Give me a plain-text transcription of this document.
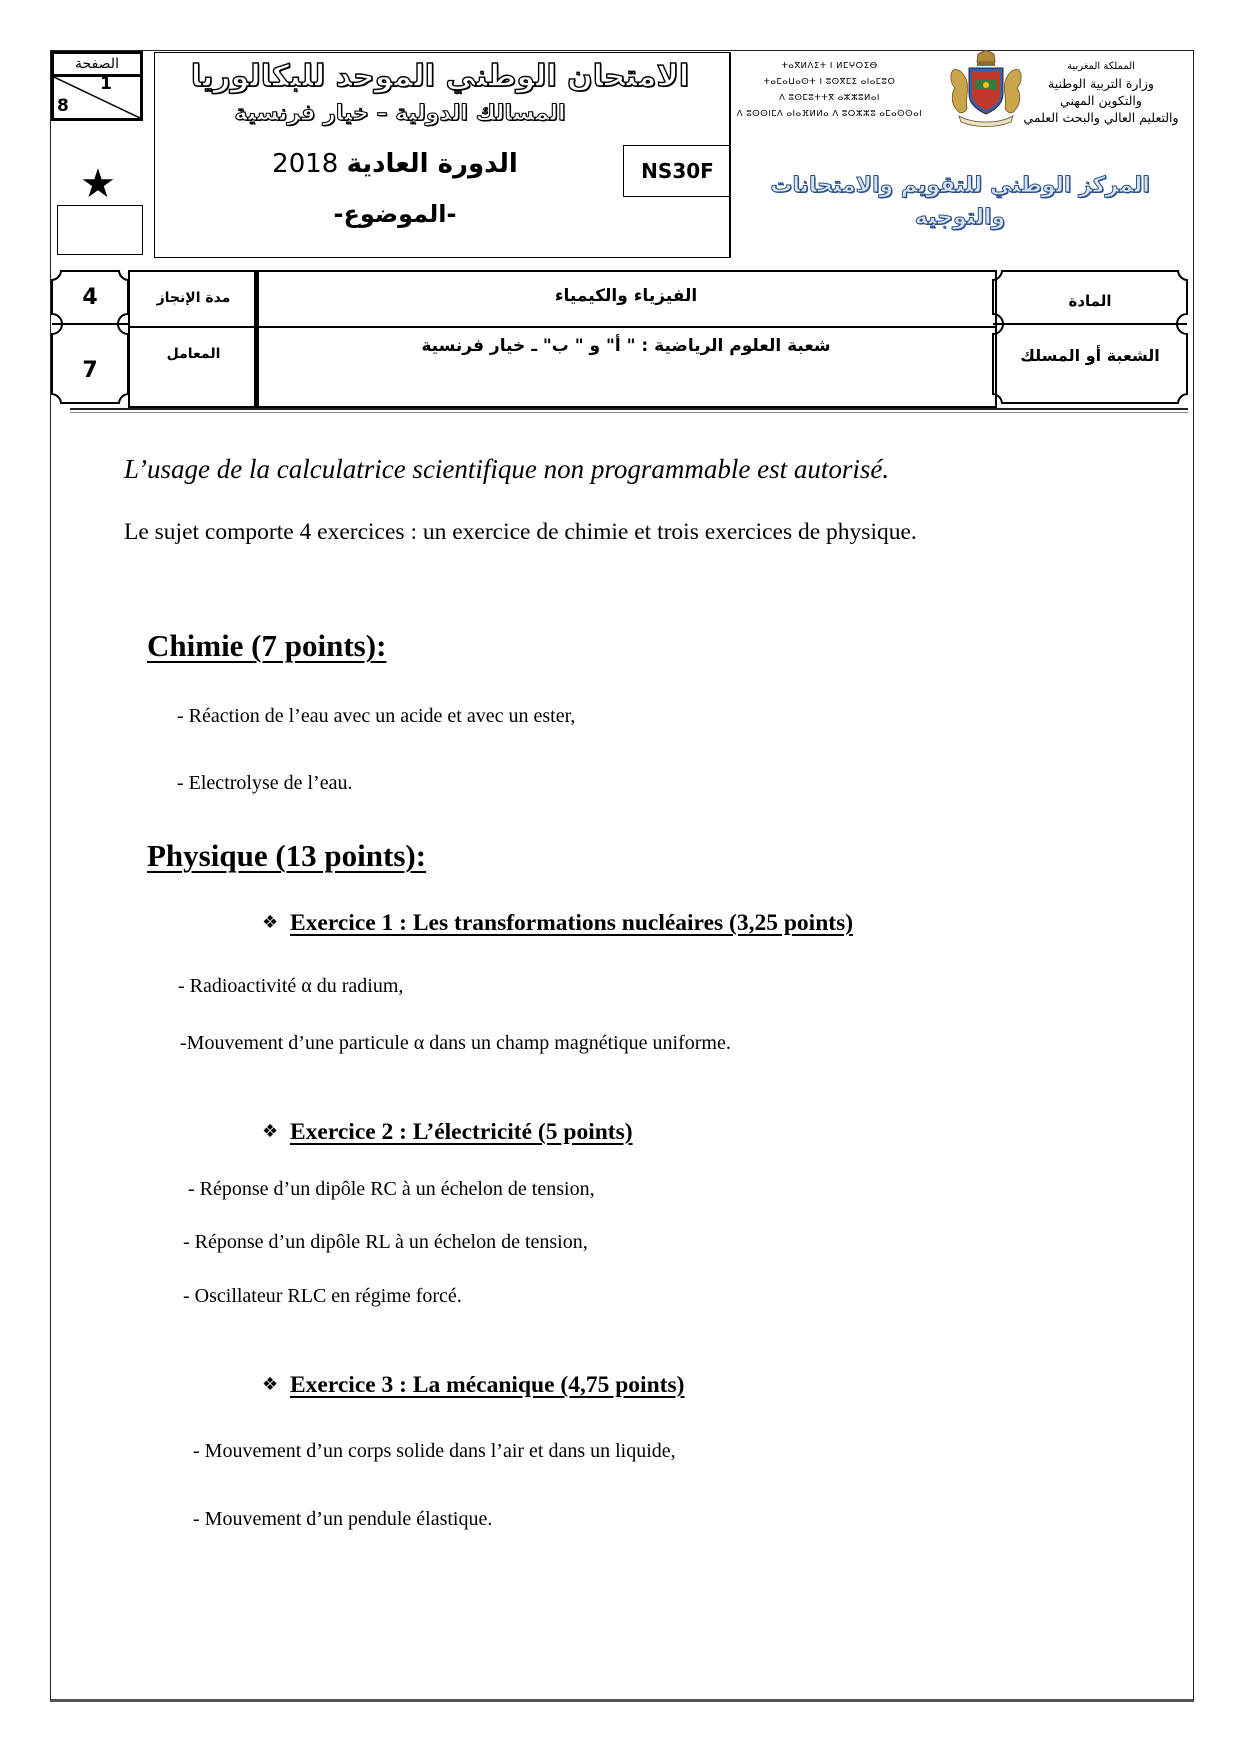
الصفحة
1
8
★
الامتحان الوطني الموحد للبكالوريا
المسالك الدولية – خيار فرنسية
الدورة العادية 2018
-الموضوع-
NS30F
ⵜⴰⴳⵍⴷⵉⵜ ⵏ ⵍⵎⵖⵔⵉⴱ
ⵜⴰⵎⴰⵡⴰⵙⵜ ⵏ ⵓⵙⴳⵎⵉ ⴰⵏⴰⵎⵓⵔ
ⴷ ⵓⵙⵎⵓⵜⵜⴳ ⴰⵣⵣⵓⵍⴰⵏ
ⴷ ⵓⵙⵙⵏⵎⴷ ⴰⵏⴰⴼⵍⵍⴰ ⴷ ⵓⵔⵣⵣⵓ ⴰⵎⴰⵙⵙⴰⵏ
المملكة المغربية
وزارة التربية الوطنية
والتكوين المهني
والتعليم العالي والبحث العلمي
المركز الوطني للتقويم والامتحانات
والتوجيه
4
7
مدة الإنجاز
المعامل
الفيزياء والكيمياء
شعبة العلوم الرياضية : " أ" و " ب" ـ خيار فرنسية
المادة
الشعبة أو المسلك
L’usage de la calculatrice scientifique non programmable est autorisé.
Le sujet comporte 4 exercices : un exercice de chimie et trois exercices de physique.
Chimie (7 points):
- Réaction de l’eau avec un acide et avec un ester,
- Electrolyse de l’eau.
Physique (13 points):
❖ Exercice 1 : Les transformations nucléaires (3,25 points)
- Radioactivité α du radium,
-Mouvement d’une particule α dans un champ magnétique uniforme.
❖ Exercice 2 : L’électricité (5 points)
- Réponse d’un dipôle RC à un échelon de tension,
- Réponse d’un dipôle RL à un échelon de tension,
- Oscillateur RLC en régime forcé.
❖ Exercice 3 : La mécanique (4,75 points)
- Mouvement d’un corps solide dans l’air et dans un liquide,
- Mouvement d’un pendule élastique.
